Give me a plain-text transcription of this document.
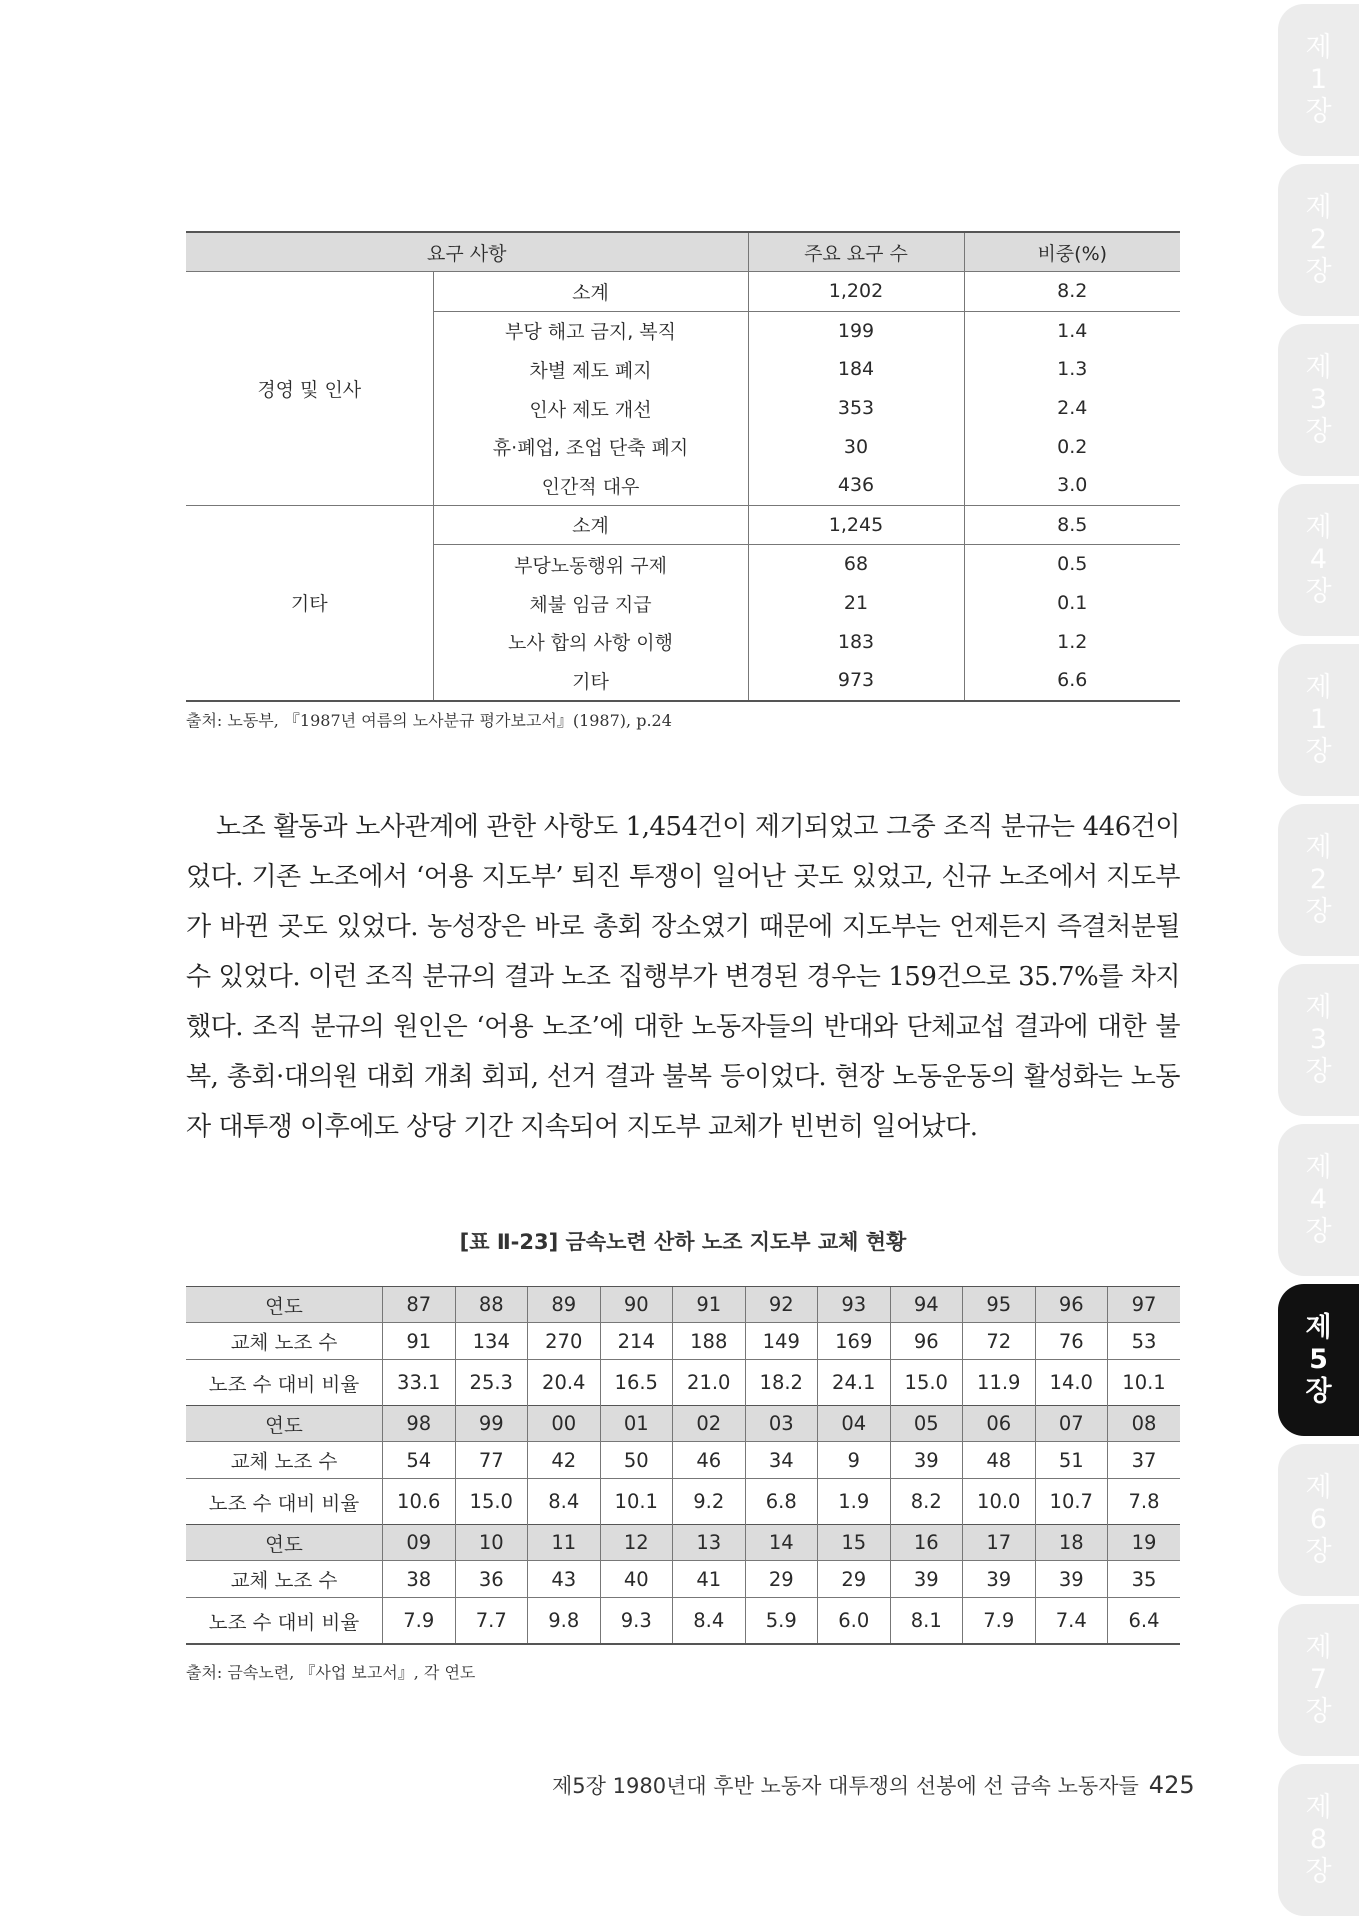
제
1
장
제
2
장
제
3
장
제
4
장
제
1
장
제
2
장
제
3
장
제
4
장
제
5
장
제
6
장
제
7
장
제
8
장
요구 사항		주요 요구 수	비중(%)
경영 및 인사	소계	1,202	8.2
	부당 해고 금지, 복직	199	1.4
	차별 제도 폐지	184	1.3
	인사 제도 개선	353	2.4
	휴·폐업, 조업 단축 폐지	30	0.2
	인간적 대우	436	3.0
기타	소계	1,245	8.5
	부당노동행위 구제	68	0.5
	체불 임금 지급	21	0.1
	노사 합의 사항 이행	183	1.2
	기타	973	6.6
출처: 노동부, 『1987년 여름의 노사분규 평가보고서』(1987), p.24

노조 활동과 노사관계에 관한 사항도 1,454건이 제기되었고 그중 조직 분규는 446건이
었다. 기존 노조에서 ‘어용 지도부’ 퇴진 투쟁이 일어난 곳도 있었고, 신규 노조에서 지도부
가 바뀐 곳도 있었다. 농성장은 바로 총회 장소였기 때문에 지도부는 언제든지 즉결처분될
수 있었다. 이런 조직 분규의 결과 노조 집행부가 변경된 경우는 159건으로 35.7%를 차지
했다. 조직 분규의 원인은 ‘어용 노조’에 대한 노동자들의 반대와 단체교섭 결과에 대한 불
복, 총회·대의원 대회 개최 회피, 선거 결과 불복 등이었다. 현장 노동운동의 활성화는 노동
자 대투쟁 이후에도 상당 기간 지속되어 지도부 교체가 빈번히 일어났다.

[표 Ⅱ-23] 금속노련 산하 노조 지도부 교체 현황
연도	87	88	89	90	91	92	93	94	95	96	97
교체 노조 수	91	134	270	214	188	149	169	96	72	76	53
노조 수 대비 비율	33.1	25.3	20.4	16.5	21.0	18.2	24.1	15.0	11.9	14.0	10.1
연도	98	99	00	01	02	03	04	05	06	07	08
교체 노조 수	54	77	42	50	46	34	9	39	48	51	37
노조 수 대비 비율	10.6	15.0	8.4	10.1	9.2	6.8	1.9	8.2	10.0	10.7	7.8
연도	09	10	11	12	13	14	15	16	17	18	19
교체 노조 수	38	36	43	40	41	29	29	39	39	39	35
노조 수 대비 비율	7.9	7.7	9.8	9.3	8.4	5.9	6.0	8.1	7.9	7.4	6.4
출처: 금속노련, 『사업 보고서』, 각 연도
제5장 1980년대 후반 노동자 대투쟁의 선봉에 선 금속 노동자들 425
